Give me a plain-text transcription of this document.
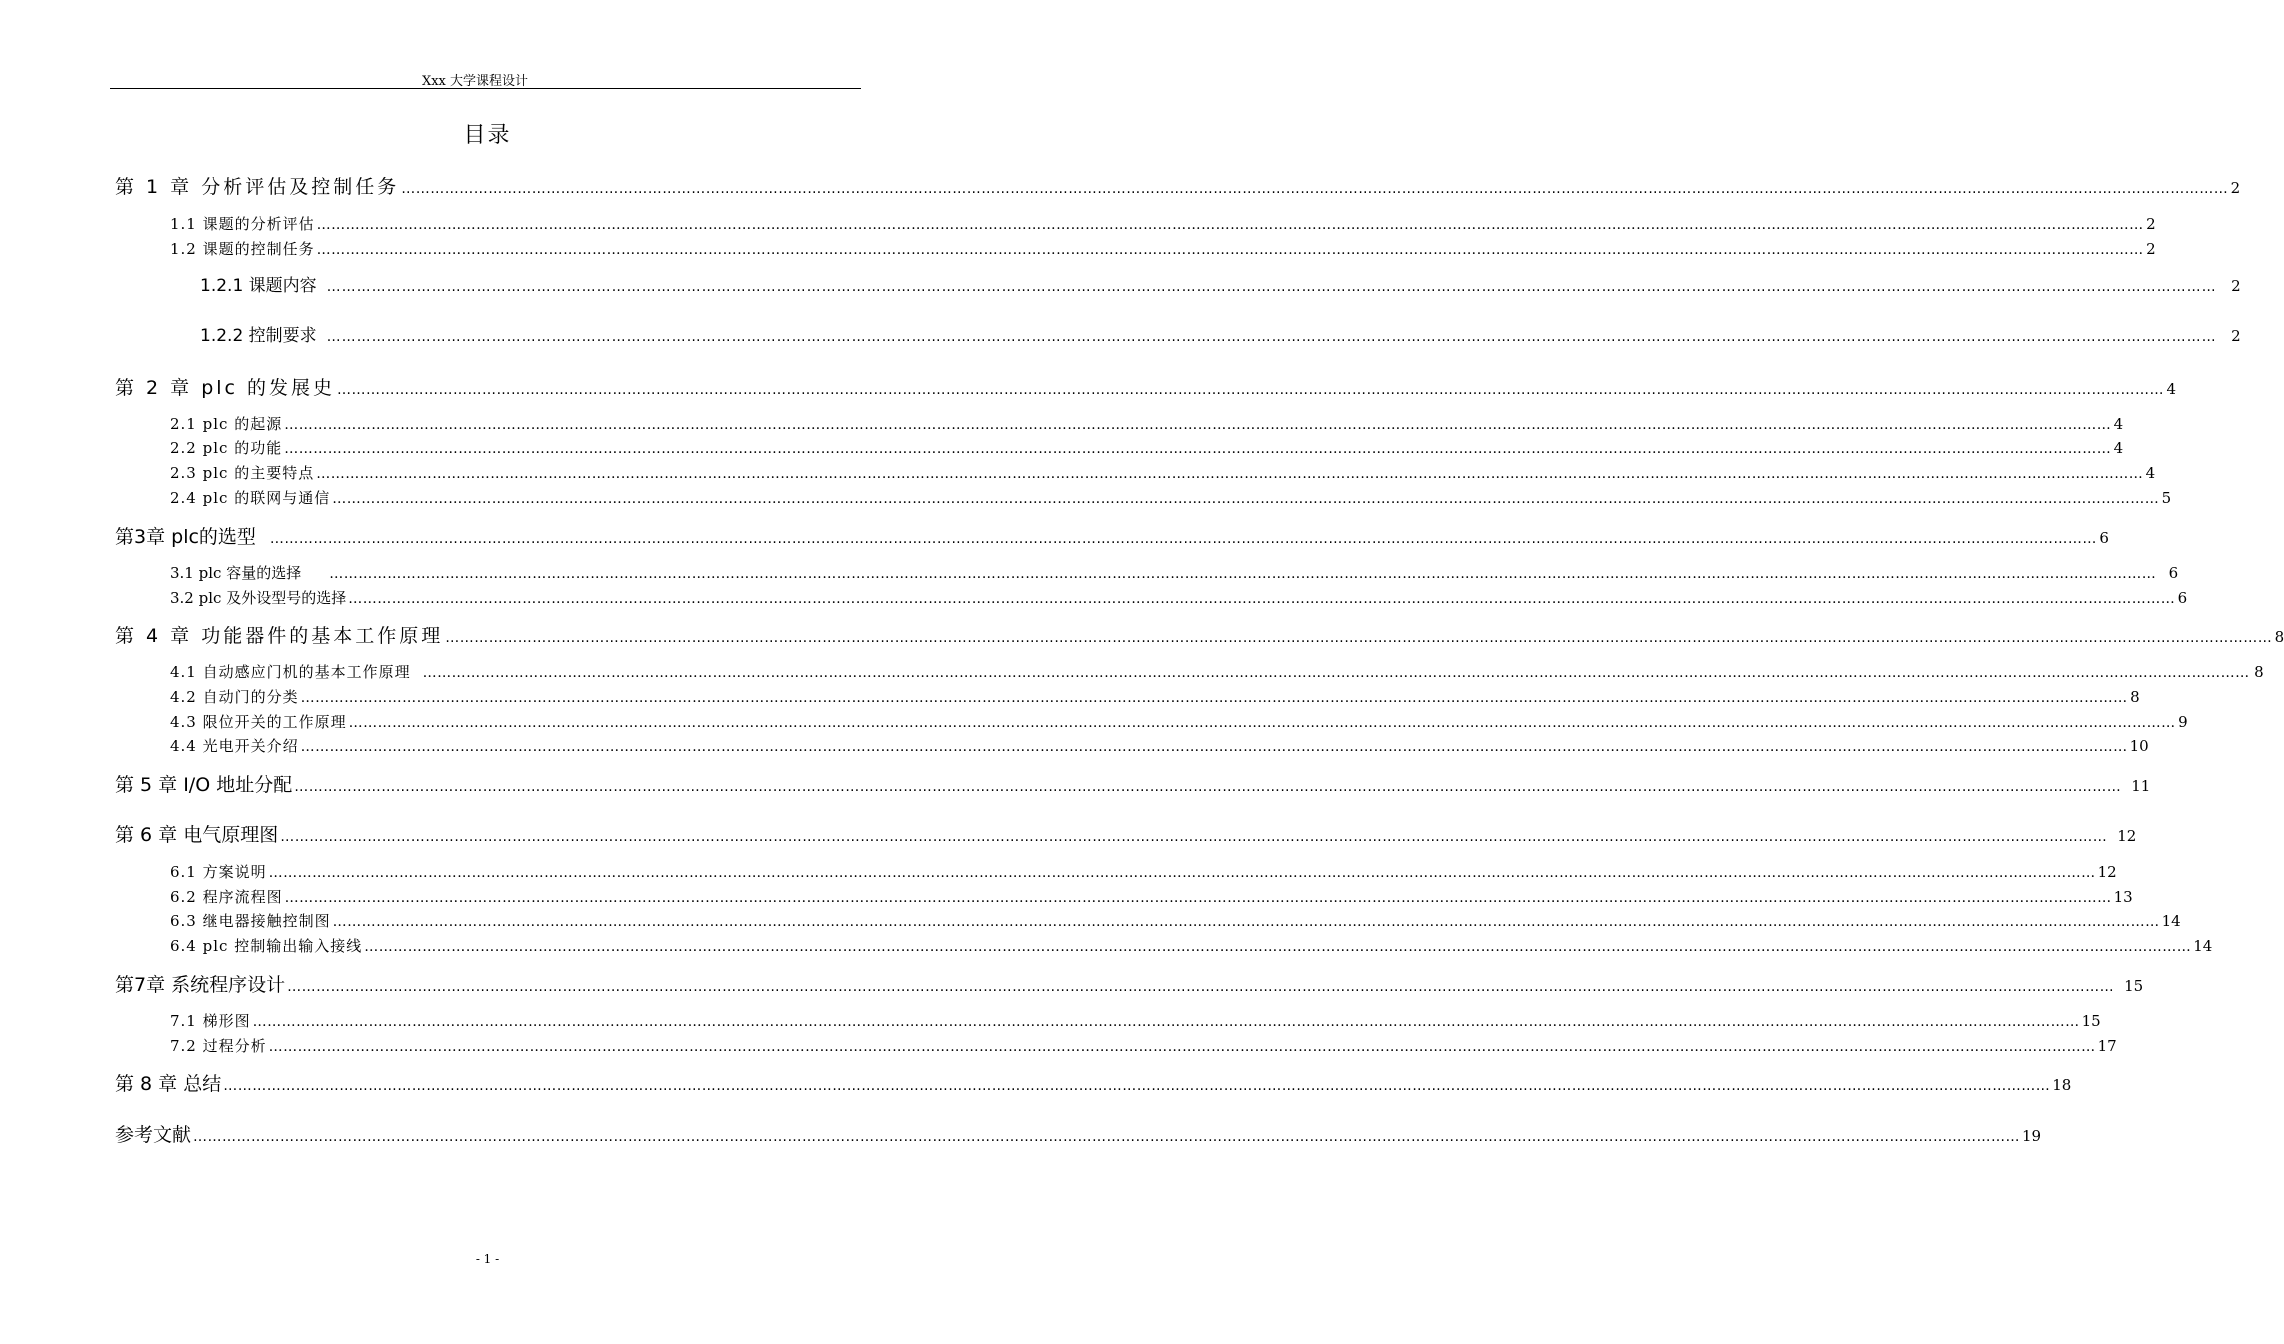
Xxx 大学课程设计
目录
第 1 章 分析评估及控制任务 ……………………………………………………………………………………………………………………………………………………………………………………………………………………………………………………………………………………………………………………………………………… 2
1.1 课题的分析评估 ……………………………………………………………………………………………………………………………………………………………………………………………………………………………………………………………………………………………………………………………………………… 2
1.2 课题的控制任务 ……………………………………………………………………………………………………………………………………………………………………………………………………………………………………………………………………………………………………………………………………………… 2
1.2.1 课题内容 ……………………………………………………………………………………………………………………………………………………………………………………………………………………………………………………………………………………………………………………………………………… 2
1.2.2 控制要求 ……………………………………………………………………………………………………………………………………………………………………………………………………………………………………………………………………………………………………………………………………………… 2
第 2 章 plc 的发展史 ……………………………………………………………………………………………………………………………………………………………………………………………………………………………………………………………………………………………………………………………………………… 4
2.1 plc 的起源 ……………………………………………………………………………………………………………………………………………………………………………………………………………………………………………………………………………………………………………………………………………… 4
2.2 plc 的功能 ……………………………………………………………………………………………………………………………………………………………………………………………………………………………………………………………………………………………………………………………………………… 4
2.3 plc 的主要特点 ……………………………………………………………………………………………………………………………………………………………………………………………………………………………………………………………………………………………………………………………………………… 4
2.4 plc 的联网与通信 ……………………………………………………………………………………………………………………………………………………………………………………………………………………………………………………………………………………………………………………………………………… 5
第3章 plc的选型 ……………………………………………………………………………………………………………………………………………………………………………………………………………………………………………………………………………………………………………………………………………… 6
3.1 plc 容量的选择 ……………………………………………………………………………………………………………………………………………………………………………………………………………………………………………………………………………………………………………………………………………… 6
3.2 plc 及外设型号的选择 ……………………………………………………………………………………………………………………………………………………………………………………………………………………………………………………………………………………………………………………………………………… 6
第 4 章 功能器件的基本工作原理 ……………………………………………………………………………………………………………………………………………………………………………………………………………………………………………………………………………………………………………………………………………… 8
4.1 自动感应门机的基本工作原理 ……………………………………………………………………………………………………………………………………………………………………………………………………………………………………………………………………………………………………………………………………………… 8
4.2 自动门的分类 ……………………………………………………………………………………………………………………………………………………………………………………………………………………………………………………………………………………………………………………………………………… 8
4.3 限位开关的工作原理 ……………………………………………………………………………………………………………………………………………………………………………………………………………………………………………………………………………………………………………………………………………… 9
4.4 光电开关介绍 ……………………………………………………………………………………………………………………………………………………………………………………………………………………………………………………………………………………………………………………………………………… 10
第 5 章 I/O 地址分配 ……………………………………………………………………………………………………………………………………………………………………………………………………………………………………………………………………………………………………………………………………………… 11
第 6 章 电气原理图 ……………………………………………………………………………………………………………………………………………………………………………………………………………………………………………………………………………………………………………………………………………… 12
6.1 方案说明 ……………………………………………………………………………………………………………………………………………………………………………………………………………………………………………………………………………………………………………………………………………… 12
6.2 程序流程图 ……………………………………………………………………………………………………………………………………………………………………………………………………………………………………………………………………………………………………………………………………………… 13
6.3 继电器接触控制图 ……………………………………………………………………………………………………………………………………………………………………………………………………………………………………………………………………………………………………………………………………………… 14
6.4 plc 控制输出输入接线 ……………………………………………………………………………………………………………………………………………………………………………………………………………………………………………………………………………………………………………………………………………… 14
第7章 系统程序设计 ……………………………………………………………………………………………………………………………………………………………………………………………………………………………………………………………………………………………………………………………………………… 15
7.1 梯形图 ……………………………………………………………………………………………………………………………………………………………………………………………………………………………………………………………………………………………………………………………………………… 15
7.2 过程分析 ……………………………………………………………………………………………………………………………………………………………………………………………………………………………………………………………………………………………………………………………………………… 17
第 8 章 总结 ……………………………………………………………………………………………………………………………………………………………………………………………………………………………………………………………………………………………………………………………………………… 18
参考文献 ……………………………………………………………………………………………………………………………………………………………………………………………………………………………………………………………………………………………………………………………………………… 19
- 1 -
